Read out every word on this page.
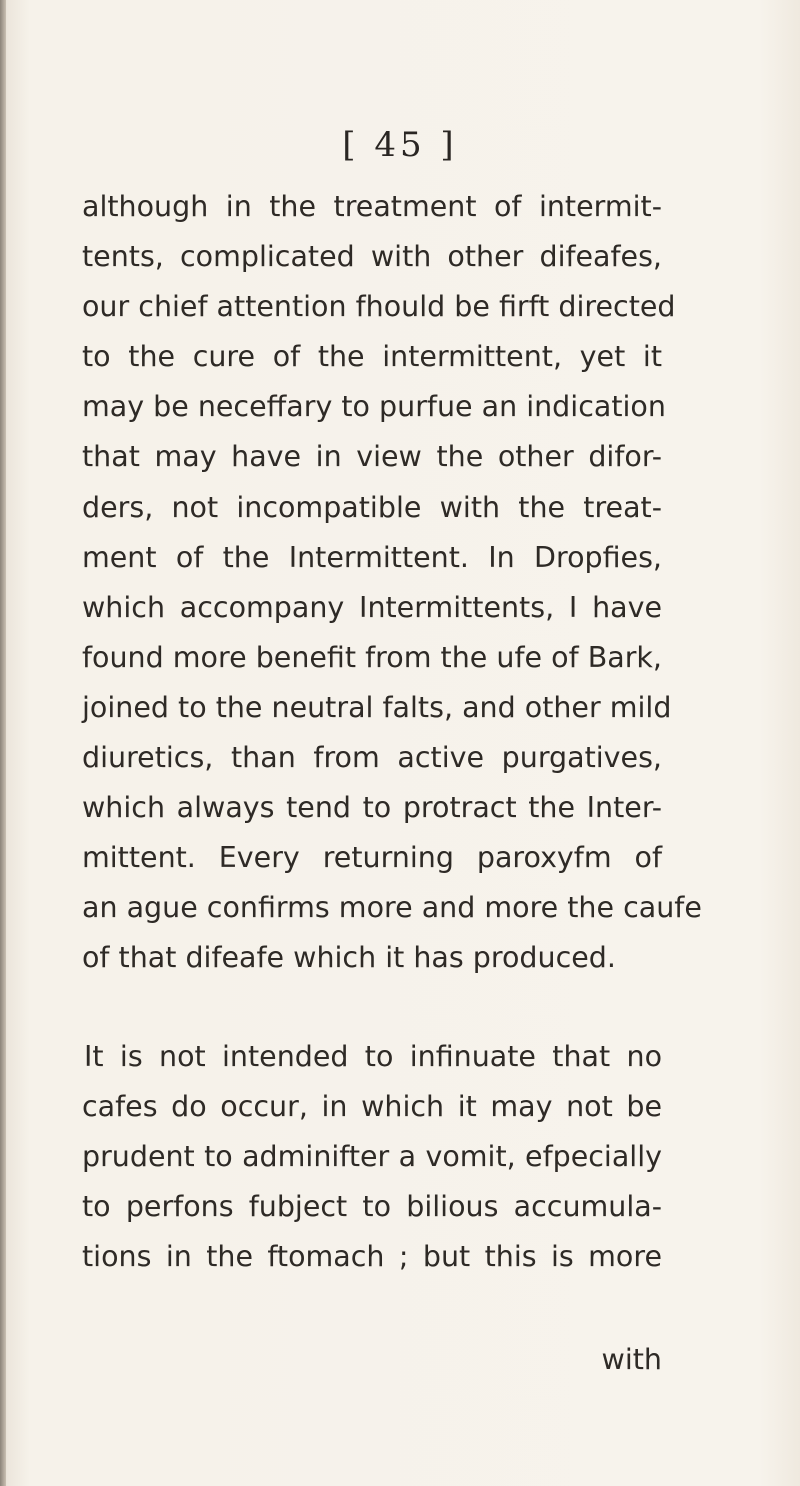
[ 45 ]
although in the treatment of intermit-
tents, complicated with other difeafes,
our chief attention fhould be firft directed
to the cure of the intermittent, yet it
may be neceffary to purfue an indication
that may have in view the other difor-
ders, not incompatible with the treat-
ment of the Intermittent. In Dropfies,
which accompany Intermittents, I have
found more benefit from the ufe of Bark,
joined to the neutral falts, and other mild
diuretics, than from active purgatives,
which always tend to protract the Inter-
mittent. Every returning paroxyfm of
an ague confirms more and more the caufe
of that difeafe which it has produced.
It is not intended to infinuate that no
cafes do occur, in which it may not be
prudent to adminifter a vomit, efpecially
to perfons fubject to bilious accumula-
tions in the ftomach ; but this is more
with
